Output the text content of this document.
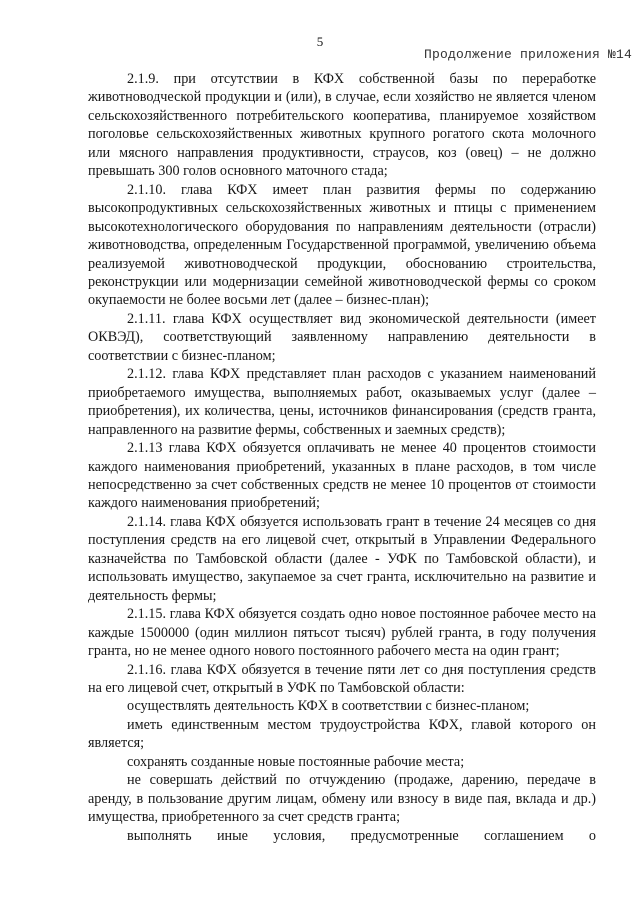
5
Продолжение приложения №14

2.1.9. при отсутствии в КФХ собственной базы по переработке животноводческой продукции и (или), в случае, если хозяйство не является членом сельскохозяйственного потребительского кооператива, планируемое хозяйством поголовье сельскохозяйственных животных крупного рогатого скота молочного или мясного направления продуктивности, страусов, коз (овец) – не должно превышать 300 голов основного маточного стада;

2.1.10. глава КФХ имеет план развития фермы по содержанию высокопродуктивных сельскохозяйственных животных и птицы с применением высокотехнологического оборудования по направлениям деятельности (отрасли) животноводства, определенным Государственной программой, увеличению объема реализуемой животноводческой продукции, обоснованию строительства, реконструкции или модернизации семейной животноводческой фермы со сроком окупаемости не более восьми лет (далее – бизнес-план);

2.1.11. глава КФХ осуществляет вид экономической деятельности (имеет ОКВЭД), соответствующий заявленному направлению деятельности в соответствии с бизнес-планом;

2.1.12. глава КФХ представляет план расходов с указанием наименований приобретаемого имущества, выполняемых работ, оказываемых услуг (далее – приобретения), их количества, цены, источников финансирования (средств гранта, направленного на развитие фермы, собственных и заемных средств);

2.1.13 глава КФХ обязуется оплачивать не менее 40 процентов стоимости каждого наименования приобретений, указанных в плане расходов, в том числе непосредственно за счет собственных средств не менее 10 процентов от стоимости каждого наименования приобретений;

2.1.14. глава КФХ обязуется использовать грант в течение 24 месяцев со дня поступления средств на его лицевой счет, открытый в Управлении Федерального казначейства по Тамбовской области (далее - УФК по Тамбовской области), и использовать имущество, закупаемое за счет гранта, исключительно на развитие и деятельность фермы;

2.1.15. глава КФХ обязуется создать одно новое постоянное рабочее место на каждые 1500000 (один миллион пятьсот тысяч) рублей гранта, в году получения гранта, но не менее одного нового постоянного рабочего места на один грант;

2.1.16. глава КФХ обязуется в течение пяти лет со дня поступления средств на его лицевой счет, открытый в УФК по Тамбовской области:

осуществлять деятельность КФХ в соответствии с бизнес-планом;

иметь единственным местом трудоустройства КФХ, главой которого он является;

сохранять созданные новые постоянные рабочие места;

не совершать действий по отчуждению (продаже, дарению, передаче в аренду, в пользование другим лицам, обмену или взносу в виде пая, вклада и др.) имущества, приобретенного за счет средств гранта;

выполнять иные условия, предусмотренные соглашением о
